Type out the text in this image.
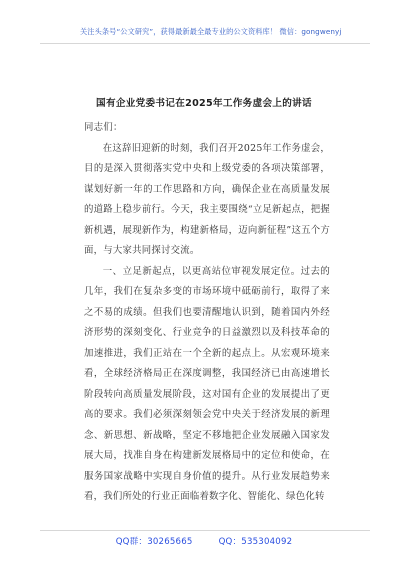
关注头条号“公文研究”，获得最新最全最专业的公文资料库！ 微信：gongwenyj
国有企业党委书记在2025年工作务虚会上的讲话

同志们：

在这辞旧迎新的时刻，我们召开2025年工作务虚会，目的是深入贯彻落实党中央和上级党委的各项决策部署，谋划好新一年的工作思路和方向，确保企业在高质量发展的道路上稳步前行。今天，我主要围绕“立足新起点，把握新机遇，展现新作为，构建新格局，迈向新征程”这五个方面，与大家共同探讨交流。

一、立足新起点，以更高站位审视发展定位。过去的几年，我们在复杂多变的市场环境中砥砺前行，取得了来之不易的成绩。但我们也要清醒地认识到，随着国内外经济形势的深刻变化、行业竞争的日益激烈以及科技革命的加速推进，我们正站在一个全新的起点上。从宏观环境来看，全球经济格局正在深度调整，我国经济已由高速增长阶段转向高质量发展阶段，这对国有企业的发展提出了更高的要求。我们必须深刻领会党中央关于经济发展的新理念、新思想、新战略，坚定不移地把企业发展融入国家发展大局，找准自身在构建新发展格局中的定位和使命，在服务国家战略中实现自身价值的提升。从行业发展趋势来看，我们所处的行业正面临着数字化、智能化、绿色化转

QQ群：30265665	QQ：535304092
